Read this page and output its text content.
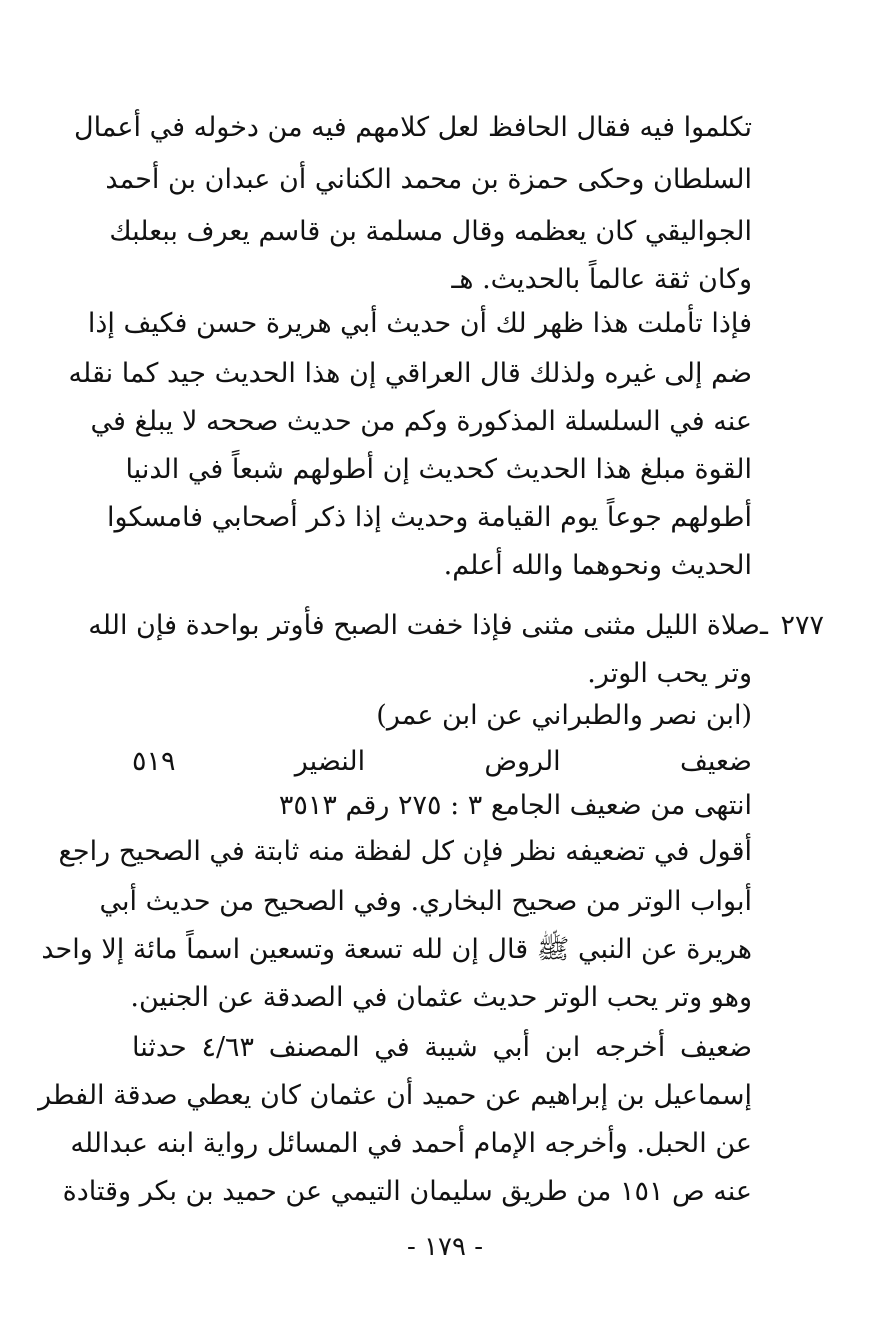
تكلموا فيه فقال الحافظ لعل كلامهم فيه من دخوله في أعمال
السلطان وحكى حمزة بن محمد الكناني أن عبدان بن أحمد
الجواليقي كان يعظمه وقال مسلمة بن قاسم يعرف ببعلبك
وكان ثقة عالماً بالحديث. هـ
فإذا تأملت هذا ظهر لك أن حديث أبي هريرة حسن فكيف إذا
ضم إلى غيره ولذلك قال العراقي إن هذا الحديث جيد كما نقله
عنه في السلسلة المذكورة وكم من حديث صححه لا يبلغ في
القوة مبلغ هذا الحديث كحديث إن أطولهم شبعاً في الدنيا
أطولهم جوعاً يوم القيامة وحديث إذا ذكر أصحابي فامسكوا
الحديث ونحوهما والله أعلم.
٢٧٧ ـصلاة الليل مثنى مثنى فإذا خفت الصبح فأوتر بواحدة فإن الله
وتر يحب الوتر.
(ابن نصر والطبراني عن ابن عمر)
ضعيف الروض النضير ٥١٩
انتهى من ضعيف الجامع ٣ : ٢٧٥ رقم ٣٥١٣
أقول في تضعيفه نظر فإن كل لفظة منه ثابتة في الصحيح راجع
أبواب الوتر من صحيح البخاري. وفي الصحيح من حديث أبي
هريرة عن النبي ﷺ قال إن لله تسعة وتسعين اسماً مائة إلا واحد
وهو وتر يحب الوتر حديث عثمان في الصدقة عن الجنين.
ضعيف أخرجه ابن أبي شيبة في المصنف ٤/٦٣ حدثنا
إسماعيل بن إبراهيم عن حميد أن عثمان كان يعطي صدقة الفطر
عن الحبل. وأخرجه الإمام أحمد في المسائل رواية ابنه عبدالله
عنه ص ١٥١ من طريق سليمان التيمي عن حميد بن بكر وقتادة
- ١٧٩ -
